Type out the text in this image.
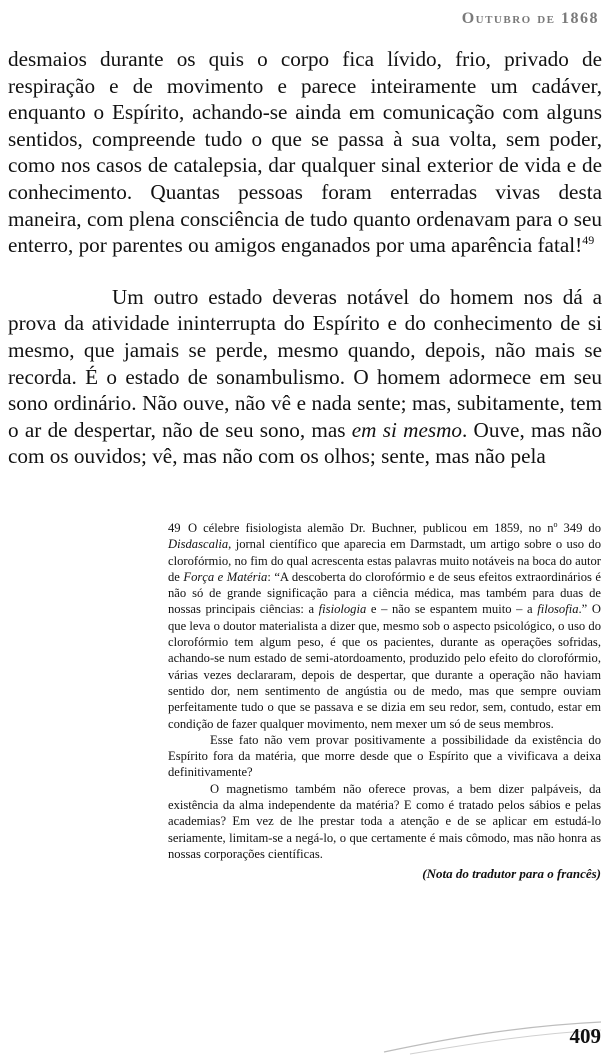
Outubro de 1868

desmaios durante os quis o corpo fica lívido, frio, privado de respiração e de movimento e parece inteiramente um cadáver, enquanto o Espírito, achando-se ainda em comunicação com alguns sentidos, compreende tudo o que se passa à sua volta, sem poder, como nos casos de catalepsia, dar qualquer sinal exterior de vida e de conhecimento. Quantas pessoas foram enterradas vivas desta maneira, com plena consciência de tudo quanto ordenavam para o seu enterro, por parentes ou amigos enganados por uma aparência fatal!$^{49}$

Um outro estado deveras notável do homem nos dá a prova da atividade ininterrupta do Espírito e do conhecimento de si mesmo, que jamais se perde, mesmo quando, depois, não mais se recorda. É o estado de sonambulismo. O homem adormece em seu sono ordinário. Não ouve, não vê e nada sente; mas, subitamente, tem o ar de despertar, não de seu sono, mas em si mesmo. Ouve, mas não com os ouvidos; vê, mas não com os olhos; sente, mas não pela

49 O célebre fisiologista alemão Dr. Buchner, publicou em 1859, no $n^o$ 349 do Disdascalia, jornal científico que aparecia em Darmstadt, um artigo sobre o uso do clorofórmio, no fim do qual acrescenta estas palavras muito notáveis na boca do autor de Força e Matéria: “A descoberta do clorofórmio e de seus efeitos extraordinários é não só de grande significação para a ciência médica, mas também para duas de nossas principais ciências: a fisiologia e – não se espantem muito – a filosofia.” O que leva o doutor materialista a dizer que, mesmo sob o aspecto psicológico, o uso do clorofórmio tem algum peso, é que os pacientes, durante as operações sofridas, achando-se num estado de semi-atordoamento, produzido pelo efeito do clorofórmio, várias vezes declararam, depois de despertar, que durante a operação não haviam sentido dor, nem sentimento de angústia ou de medo, mas que sempre ouviam perfeitamente tudo o que se passava e se dizia em seu redor, sem, contudo, estar em condição de fazer qualquer movimento, nem mexer um só de seus membros.

Esse fato não vem provar positivamente a possibilidade da existência do Espírito fora da matéria, que morre desde que o Espírito que a vivificava a deixa definitivamente?

O magnetismo também não oferece provas, a bem dizer palpáveis, da existência da alma independente da matéria? E como é tratado pelos sábios e pelas academias? Em vez de lhe prestar toda a atenção e de se aplicar em estudá-lo seriamente, limitam-se a negá-lo, o que certamente é mais cômodo, mas não honra as nossas corporações científicas.

(Nota do tradutor para o francês)
409
